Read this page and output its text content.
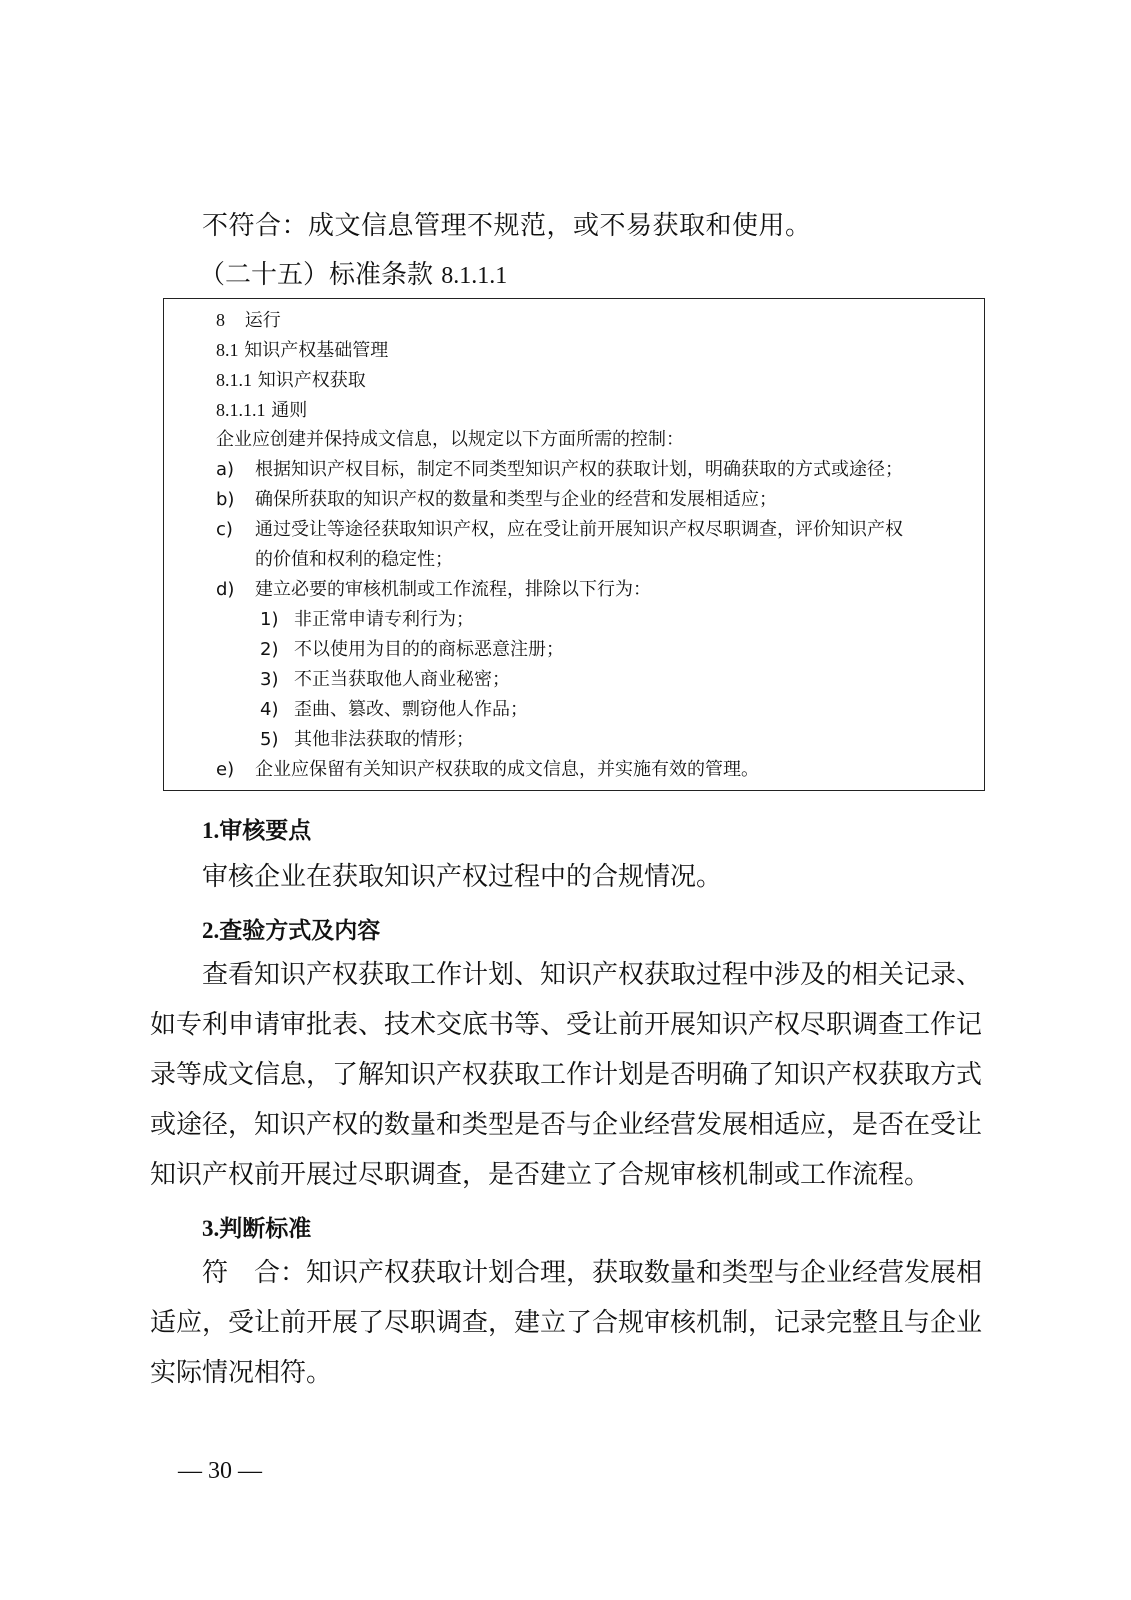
不符合：成文信息管理不规范，或不易获取和使用。
（二十五）标准条款 8.1.1.1
8 运行
8.1 知识产权基础管理
8.1.1 知识产权获取
8.1.1.1 通则
企业应创建并保持成文信息，以规定以下方面所需的控制：
a) 根据知识产权目标，制定不同类型知识产权的获取计划，明确获取的方式或途径；
b) 确保所获取的知识产权的数量和类型与企业的经营和发展相适应；
c) 通过受让等途径获取知识产权，应在受让前开展知识产权尽职调查，评价知识产权
的价值和权利的稳定性；
d) 建立必要的审核机制或工作流程，排除以下行为：
1) 非正常申请专利行为；
2) 不以使用为目的的商标恶意注册；
3) 不正当获取他人商业秘密；
4) 歪曲、篡改、剽窃他人作品；
5) 其他非法获取的情形；
e) 企业应保留有关知识产权获取的成文信息，并实施有效的管理。
1.审核要点
审核企业在获取知识产权过程中的合规情况。
2.查验方式及内容
查看知识产权获取工作计划、知识产权获取过程中涉及的相关记录、
如专利申请审批表、技术交底书等、受让前开展知识产权尽职调查工作记
录等成文信息，了解知识产权获取工作计划是否明确了知识产权获取方式
或途径，知识产权的数量和类型是否与企业经营发展相适应，是否在受让
知识产权前开展过尽职调查，是否建立了合规审核机制或工作流程。
3.判断标准
符　合：知识产权获取计划合理，获取数量和类型与企业经营发展相
适应，受让前开展了尽职调查，建立了合规审核机制，记录完整且与企业
实际情况相符。
— 30 —
